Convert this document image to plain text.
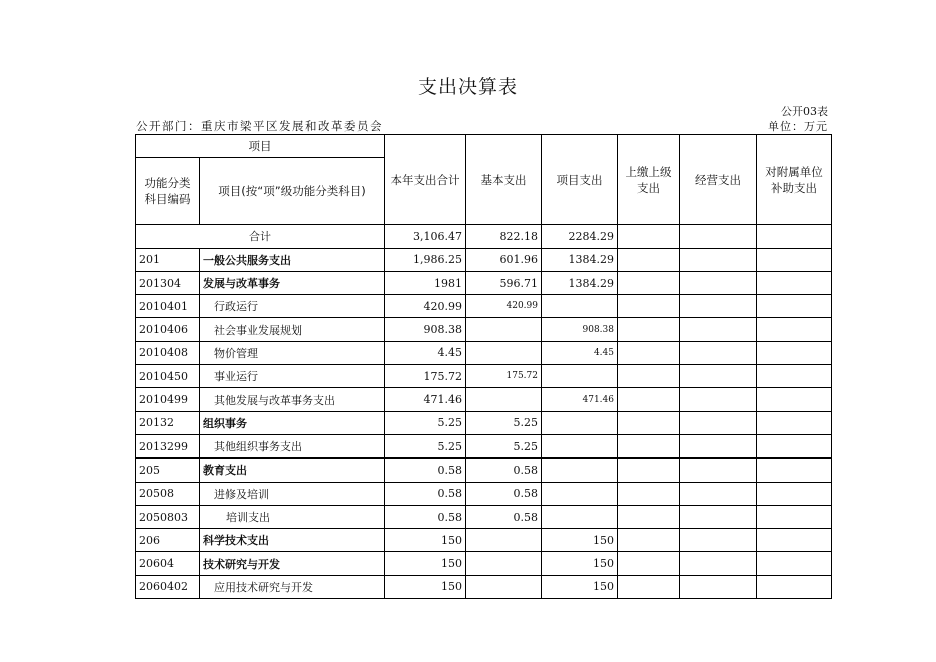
支出决算表
公开03表
公开部门：重庆市梁平区发展和改革委员会	单位：万元
项目		本年支出合计	基本支出	项目支出	上缴上级支出	经营支出	对附属单位补助支出
功能分类科目编码	项目(按“项”级功能分类科目)						
合计		3,106.47	822.18	2284.29			
201	一般公共服务支出	1,986.25	601.96	1384.29			
201304	发展与改革事务	1981	596.71	1384.29			
2010401	行政运行	420.99	420.99				
2010406	社会事业发展规划	908.38		908.38			
2010408	物价管理	4.45		4.45			
2010450	事业运行	175.72	175.72				
2010499	其他发展与改革事务支出	471.46		471.46			
20132	组织事务	5.25	5.25				
2013299	其他组织事务支出	5.25	5.25				
205	教育支出	0.58	0.58				
20508	进修及培训	0.58	0.58				
2050803	培训支出	0.58	0.58				
206	科学技术支出	150		150			
20604	技术研究与开发	150		150			
2060402	应用技术研究与开发	150		150			
